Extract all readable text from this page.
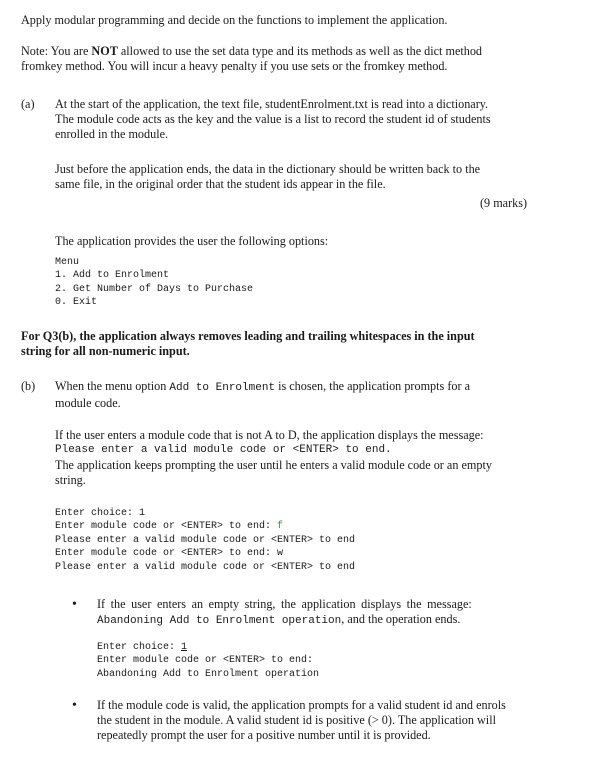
Apply modular programming and decide on the functions to implement the application.
Note: You are NOT allowed to use the set data type and its methods as well as the dict method
fromkey method. You will incur a heavy penalty if you use sets or the fromkey method.
(a) At the start of the application, the text file, studentEnrolment.txt is read into a dictionary.
The module code acts as the key and the value is a list to record the student id of students
enrolled in the module.
Just before the application ends, the data in the dictionary should be written back to the
same file, in the original order that the student ids appear in the file.
(9 marks)
The application provides the user the following options:
Menu
1. Add to Enrolment
2. Get Number of Days to Purchase
0. Exit
For Q3(b), the application always removes leading and trailing whitespaces in the input
string for all non-numeric input.
(b) When the menu option Add to Enrolment is chosen, the application prompts for a
module code.
If the user enters a module code that is not A to D, the application displays the message:
Please enter a valid module code or <ENTER> to end.
The application keeps prompting the user until he enters a valid module code or an empty
string.
Enter choice: 1
Enter module code or <ENTER> to end: f
Please enter a valid module code or <ENTER> to end
Enter module code or <ENTER> to end: w
Please enter a valid module code or <ENTER> to end
• If the user enters an empty string, the application displays the message:
Abandoning Add to Enrolment operation, and the operation ends.
Enter choice: 1
Enter module code or <ENTER> to end:
Abandoning Add to Enrolment operation
• If the module code is valid, the application prompts for a valid student id and enrols
the student in the module. A valid student id is positive (> 0). The application will
repeatedly prompt the user for a positive number until it is provided.
